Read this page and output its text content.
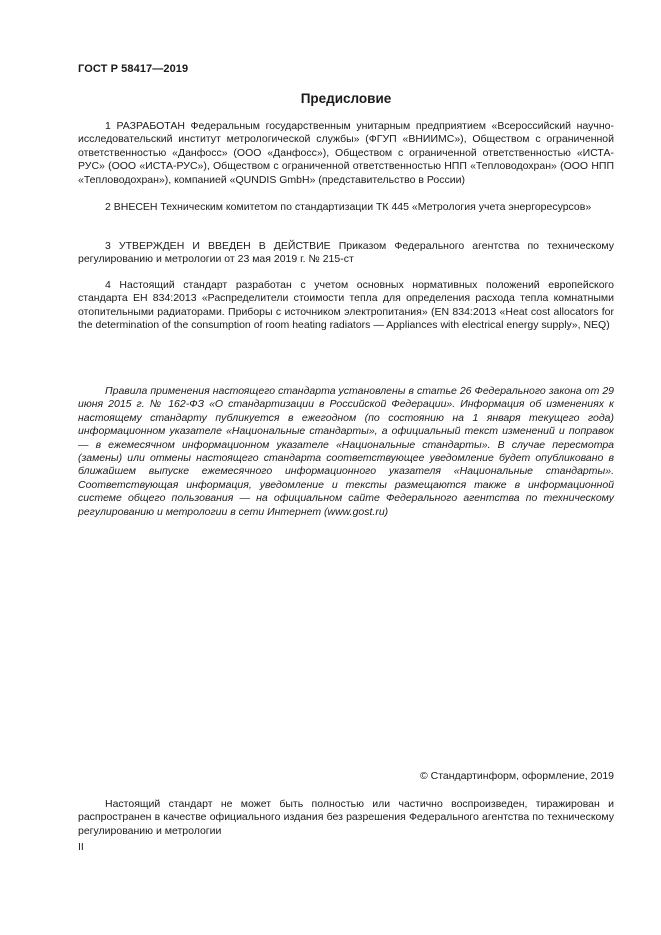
ГОСТ Р 58417—2019
Предисловие

1 РАЗРАБОТАН Федеральным государственным унитарным предприятием «Всероссийский научно-исследовательский институт метрологической службы» (ФГУП «ВНИИМС»), Обществом с ограниченной ответственностью «Данфосс» (ООО «Данфосс»), Обществом с ограниченной ответственностью «ИСТА-РУС» (ООО «ИСТА-РУС»), Обществом с ограниченной ответственностью НПП «Тепловодохран» (ООО НПП «Тепловодохран»), компанией «QUNDIS GmbH» (представительство в России)

2 ВНЕСЕН Техническим комитетом по стандартизации ТК 445 «Метрология учета энергоресурсов»

3 УТВЕРЖДЕН И ВВЕДЕН В ДЕЙСТВИЕ Приказом Федерального агентства по техническому регулированию и метрологии от 23 мая 2019 г. № 215-ст

4 Настоящий стандарт разработан с учетом основных нормативных положений европейского стандарта ЕН 834:2013 «Распределители стоимости тепла для определения расхода тепла комнатными отопительными радиаторами. Приборы с источником электропитания» (EN 834:2013 «Heat cost allocators for the determination of the consumption of room heating radiators — Appliances with electrical energy supply», NEQ)

Правила применения настоящего стандарта установлены в статье 26 Федерального закона от 29 июня 2015 г. № 162-ФЗ «О стандартизации в Российской Федерации». Информация об изменениях к настоящему стандарту публикуется в ежегодном (по состоянию на 1 января текущего года) информационном указателе «Национальные стандарты», а официальный текст изменений и поправок — в ежемесячном информационном указателе «Национальные стандарты». В случае пересмотра (замены) или отмены настоящего стандарта соответствующее уведомление будет опубликовано в ближайшем выпуске ежемесячного информационного указателя «Национальные стандарты». Соответствующая информация, уведомление и тексты размещаются также в информационной системе общего пользования — на официальном сайте Федерального агентства по техническому регулированию и метрологии в сети Интернет (www.gost.ru)

© Стандартинформ, оформление, 2019

Настоящий стандарт не может быть полностью или частично воспроизведен, тиражирован и распространен в качестве официального издания без разрешения Федерального агентства по техническому регулированию и метрологии

II
